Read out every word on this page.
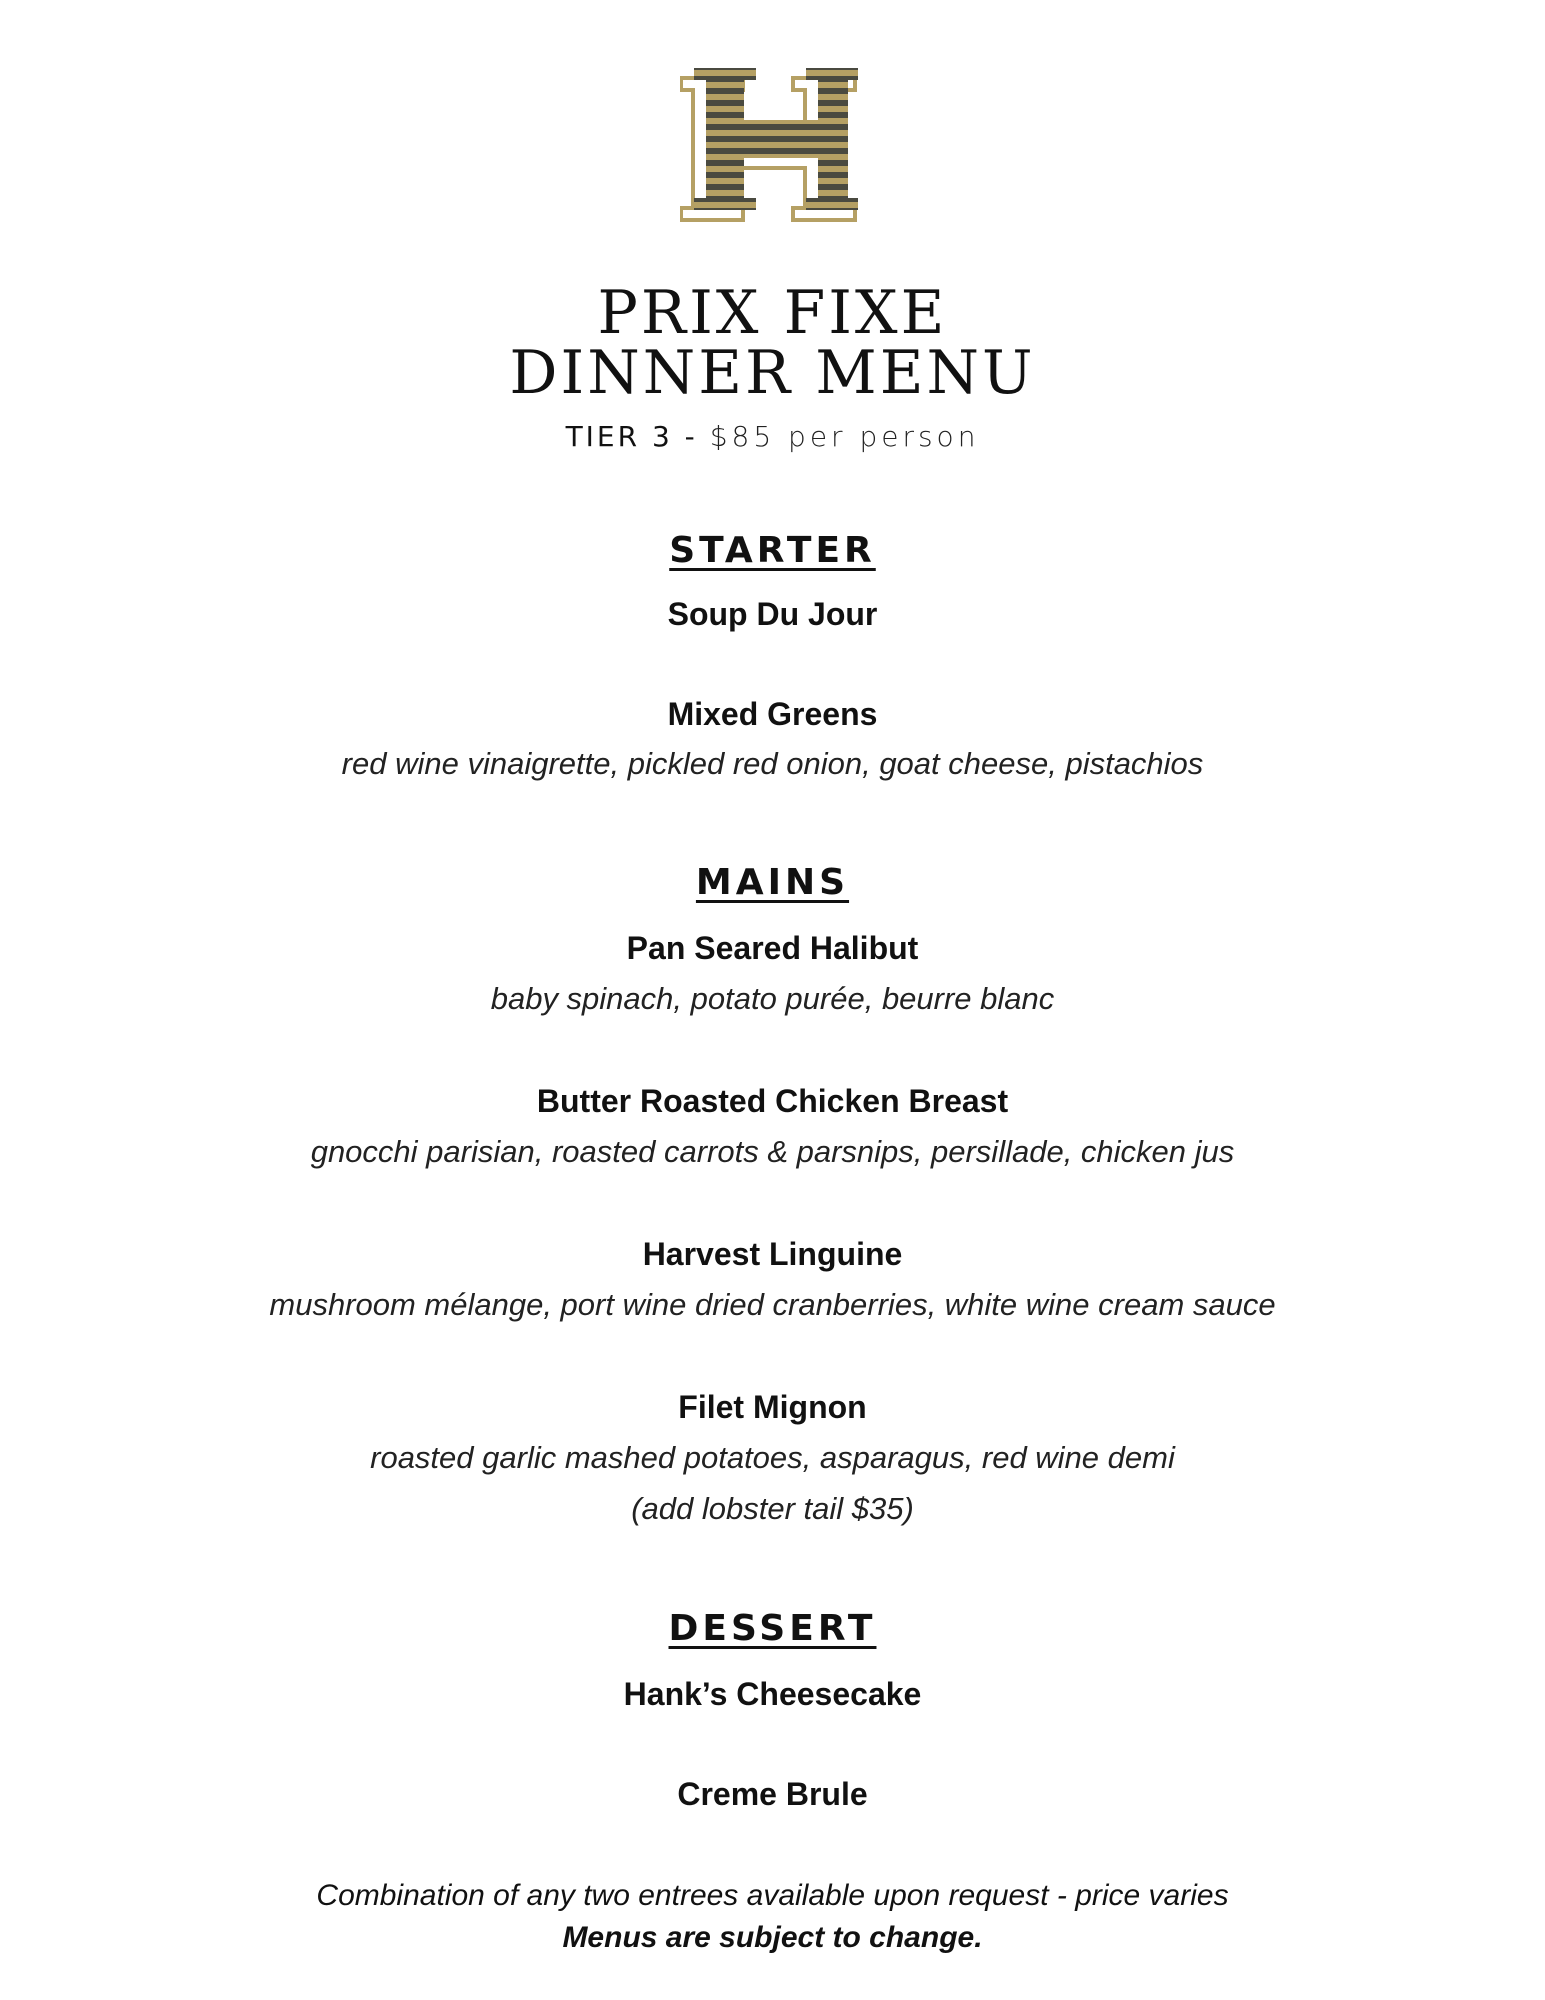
PRIX FIXE
DINNER MENU
TIER 3 - $85 per person
STARTER
Soup Du Jour
Mixed Greens
red wine vinaigrette, pickled red onion, goat cheese, pistachios
MAINS
Pan Seared Halibut
baby spinach, potato purée, beurre blanc
Butter Roasted Chicken Breast
gnocchi parisian, roasted carrots & parsnips, persillade, chicken jus
Harvest Linguine
mushroom mélange, port wine dried cranberries, white wine cream sauce
Filet Mignon
roasted garlic mashed potatoes, asparagus, red wine demi
(add lobster tail $35)
DESSERT
Hank’s Cheesecake
Creme Brule
Combination of any two entrees available upon request - price varies
Menus are subject to change.
